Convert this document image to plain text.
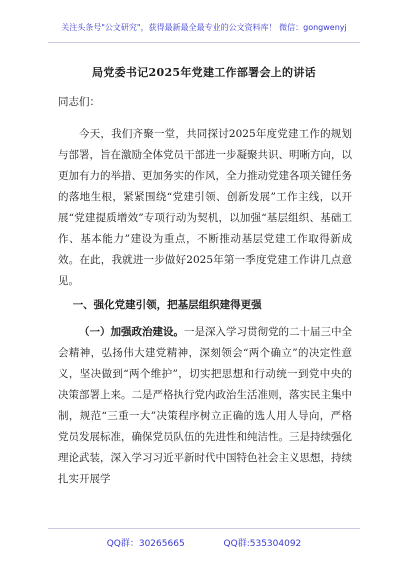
关注头条号"公文研究"，获得最新最全最专业的公文资料库！ 微信：gongwenyj
局党委书记2025年党建工作部署会上的讲话

同志们：

今天，我们齐聚一堂，共同探讨2025年度党建工作的规划与部署，旨在激励全体党员干部进一步凝聚共识、明晰方向，以更加有力的举措、更加务实的作风，全力推动党建各项关键任务的落地生根，紧紧围绕“党建引领、创新发展”工作主线，以开展“党建提质增效”专项行动为契机，以加强“基层组织、基础工作、基本能力”建设为重点，不断推动基层党建工作取得新成效。在此，我就进一步做好2025年第一季度党建工作讲几点意见。

一、强化党建引领，把基层组织建得更强

（一）加强政治建设。一是深入学习贯彻党的二十届三中全会精神，弘扬伟大建党精神，深刻领会“两个确立”的决定性意义，坚决做到“两个维护”，切实把思想和行动统一到党中央的决策部署上来。二是严格执行党内政治生活准则，落实民主集中制，规范“三重一大”决策程序树立正确的选人用人导向，严格党员发展标准，确保党员队伍的先进性和纯洁性。三是持续强化理论武装，深入学习习近平新时代中国特色社会主义思想，持续扎实开展学

QQ群：30265665	QQ群:535304092
